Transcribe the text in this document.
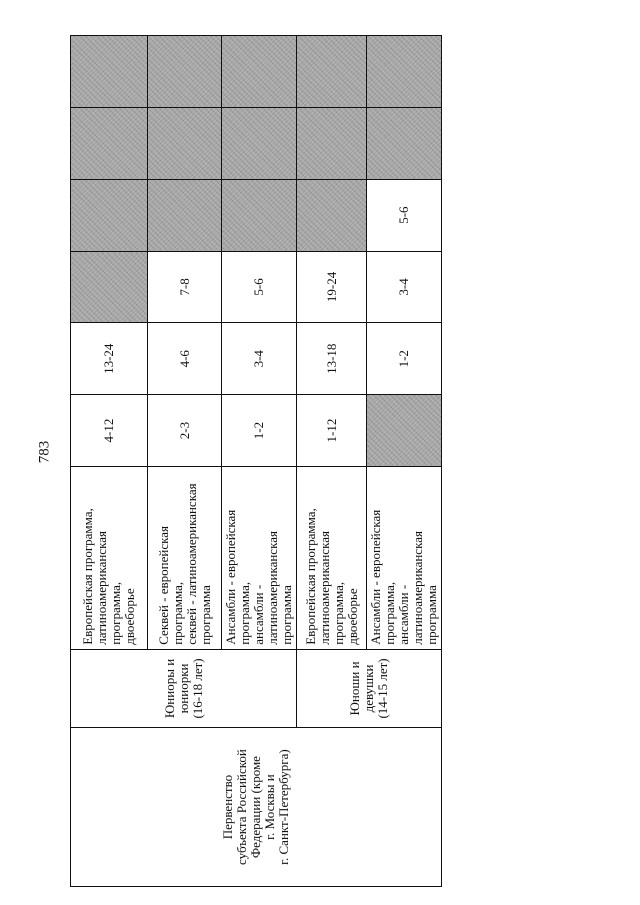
783
Первенство
субъекта Российской
Федерации (кроме
г. Москвы и
г. Санкт-Петербурга)	Юниоры и
юниорки
(16-18 лет)	Европейская программа,
латиноамериканская программа,
двоеборье	4-12	13-24				
		Секвей - европейская программа,
секвей - латиноамериканская
программа	2-3	4-6	7-8			
		Ансамбли - европейская
программа,
ансамбли - латиноамериканская
программа	1-2	3-4	5-6			
	Юноши и
девушки
(14-15 лет)	Европейская программа,
латиноамериканская программа,
двоеборье	1-12	13-18	19-24			
		Ансамбли - европейская
программа,
ансамбли - латиноамериканская
программа		1-2	3-4	5-6		
